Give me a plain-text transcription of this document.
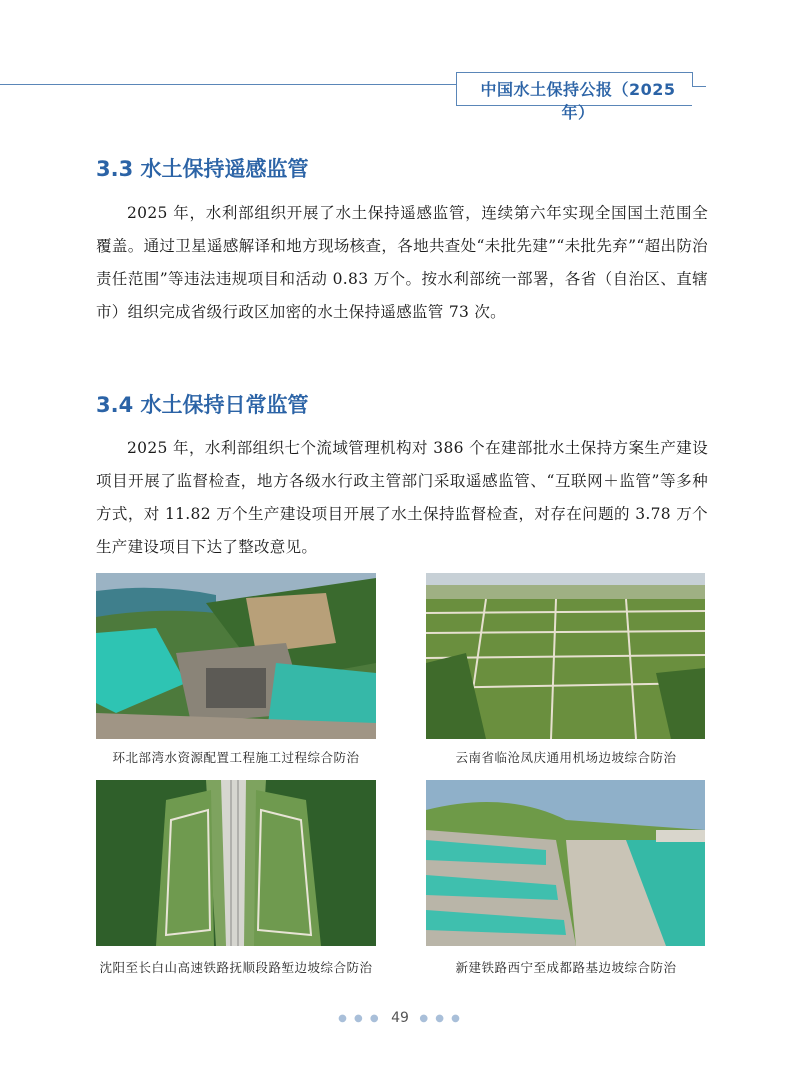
中国水土保持公报（2025 年）
3.3 水土保持遥感监管
2025 年，水利部组织开展了水土保持遥感监管，连续第六年实现全国国土范围全覆盖。通过卫星遥感解译和地方现场核查，各地共查处“未批先建”“未批先弃”“超出防治责任范围”等违法违规项目和活动 0.83 万个。按水利部统一部署，各省（自治区、直辖市）组织完成省级行政区加密的水土保持遥感监管 73 次。
3.4 水土保持日常监管
2025 年，水利部组织七个流域管理机构对 386 个在建部批水土保持方案生产建设项目开展了监督检查，地方各级水行政主管部门采取遥感监管、“互联网＋监管”等多种方式，对 11.82 万个生产建设项目开展了水土保持监督检查，对存在问题的 3.78 万个生产建设项目下达了整改意见。
环北部湾水资源配置工程施工过程综合防治	云南省临沧凤庆通用机场边坡综合防治
沈阳至长白山高速铁路抚顺段路堑边坡综合防治	新建铁路西宁至成都路基边坡综合防治
● ● ● 49 ● ● ●
